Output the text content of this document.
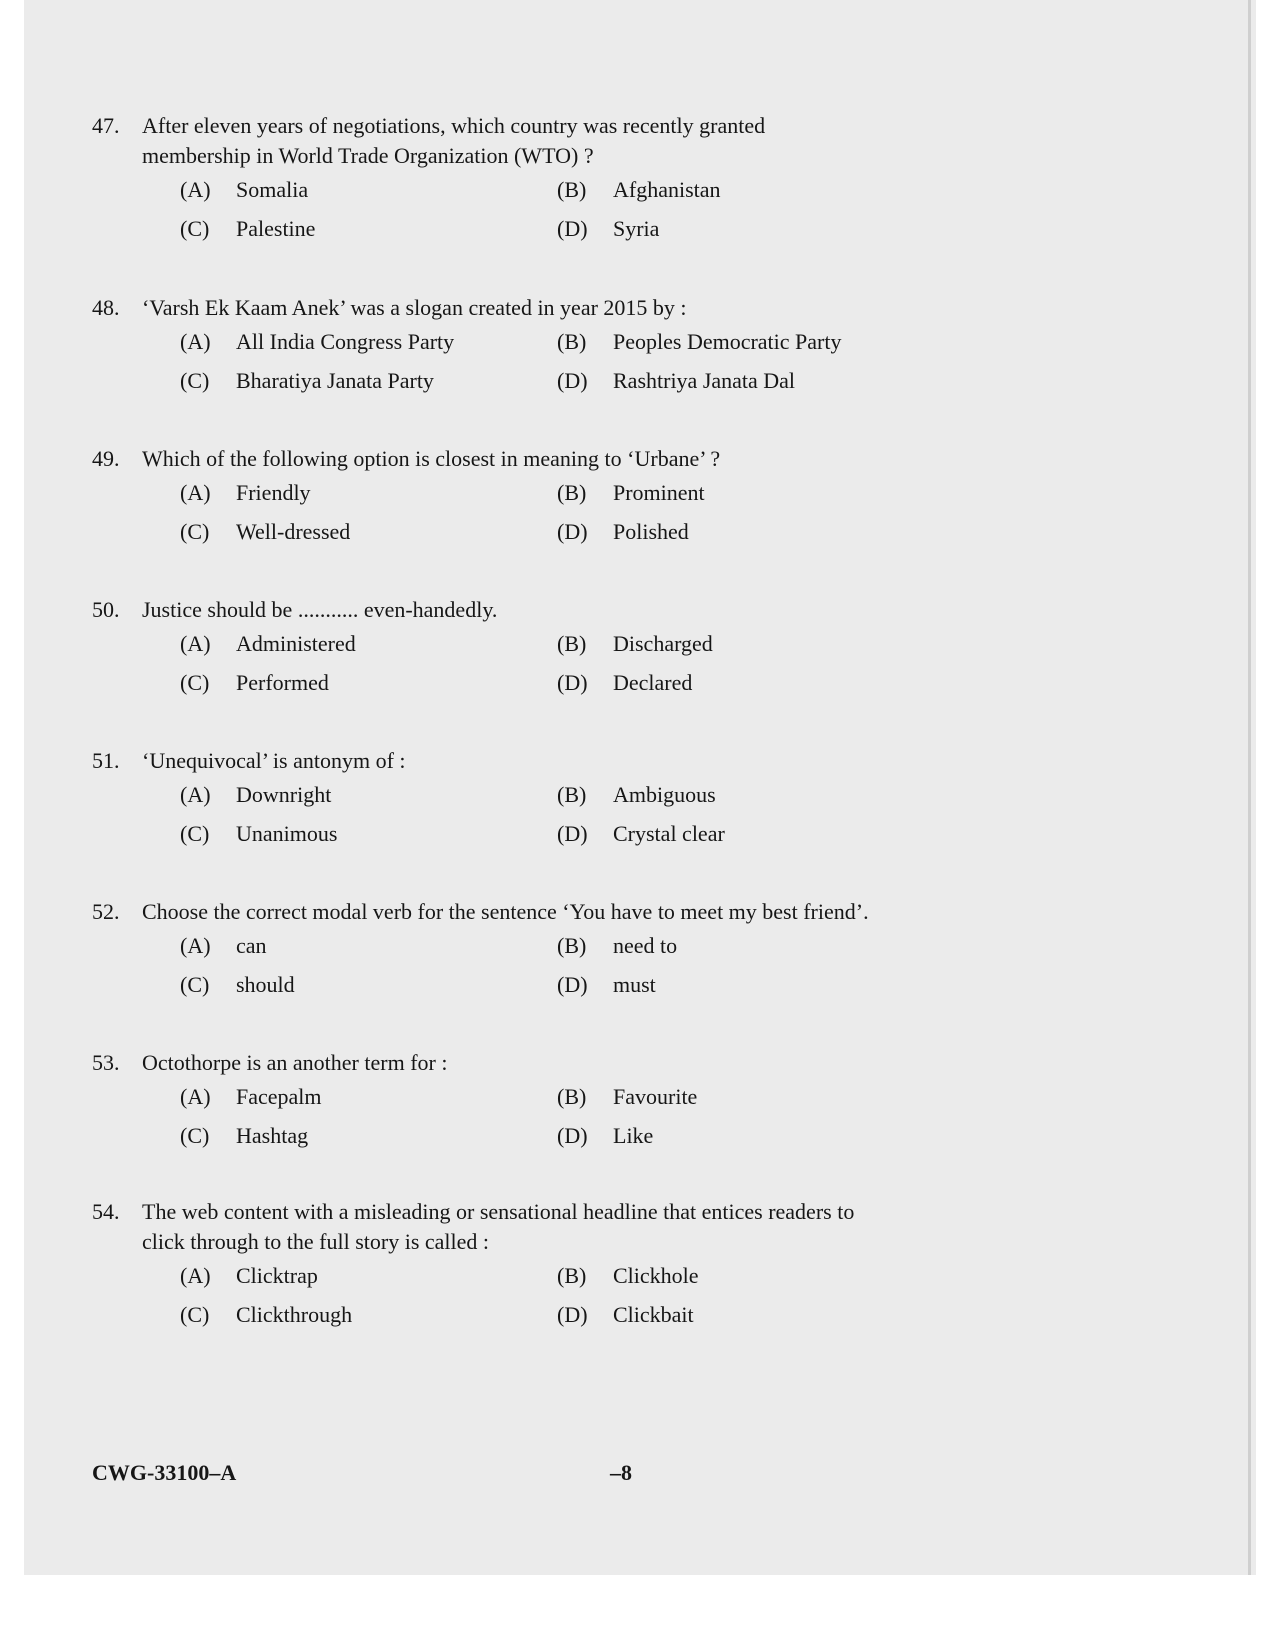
47. After eleven years of negotiations, which country was recently granted
membership in World Trade Organization (WTO) ?
(A) Somalia	(B) Afghanistan
(C) Palestine	(D) Syria
48. ‘Varsh Ek Kaam Anek’ was a slogan created in year 2015 by :
(A) All India Congress Party	(B) Peoples Democratic Party
(C) Bharatiya Janata Party	(D) Rashtriya Janata Dal
49. Which of the following option is closest in meaning to ‘Urbane’ ?
(A) Friendly	(B) Prominent
(C) Well-dressed	(D) Polished
50. Justice should be ........... even-handedly.
(A) Administered	(B) Discharged
(C) Performed	(D) Declared
51. ‘Unequivocal’ is antonym of :
(A) Downright	(B) Ambiguous
(C) Unanimous	(D) Crystal clear
52. Choose the correct modal verb for the sentence ‘You have to meet my best friend’.
(A) can	(B) need to
(C) should	(D) must
53. Octothorpe is an another term for :
(A) Facepalm	(B) Favourite
(C) Hashtag	(D) Like
54. The web content with a misleading or sensational headline that entices readers to
click through to the full story is called :
(A) Clicktrap	(B) Clickhole
(C) Clickthrough	(D) Clickbait
CWG-33100–A	–8
